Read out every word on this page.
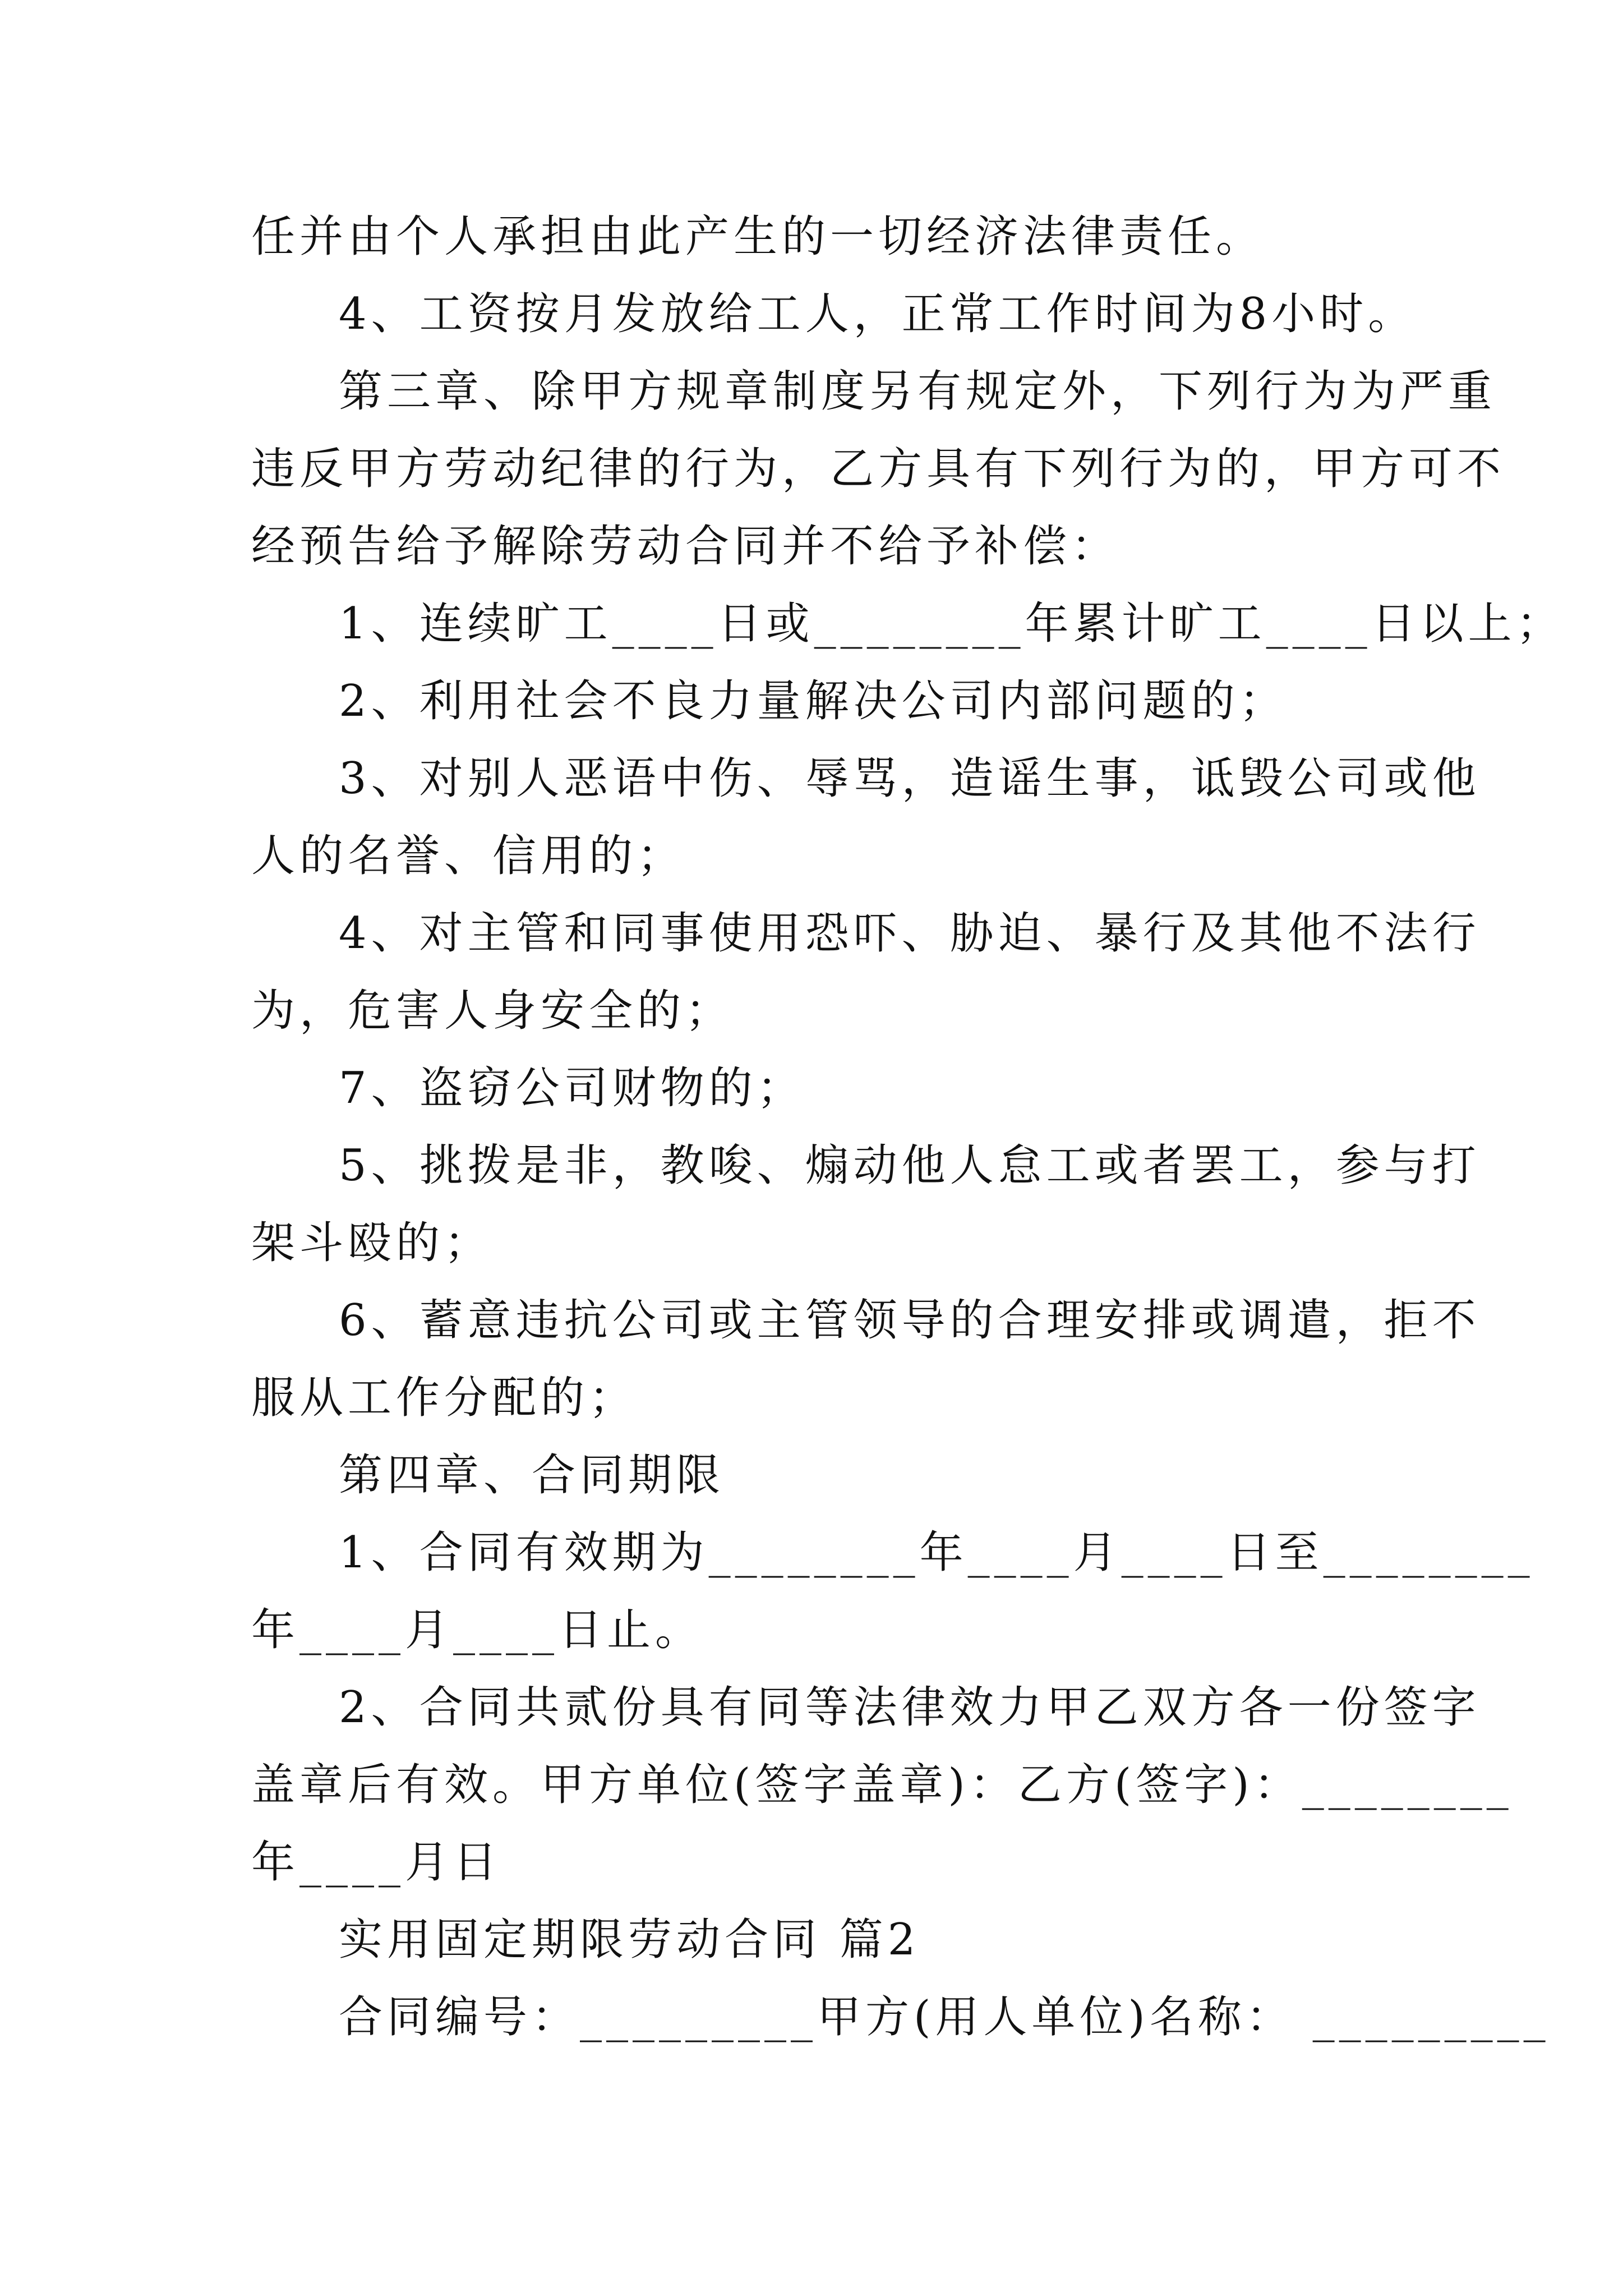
任并由个人承担由此产生的一切经济法律责任。
4、工资按月发放给工人，正常工作时间为8小时。
第三章、除甲方规章制度另有规定外，下列行为为严重
违反甲方劳动纪律的行为，乙方具有下列行为的，甲方可不
经预告给予解除劳动合同并不给予补偿：
1、连续旷工____日或________年累计旷工____日以上；
2、利用社会不良力量解决公司内部问题的；
3、对别人恶语中伤、辱骂，造谣生事，诋毁公司或他
人的名誉、信用的；
4、对主管和同事使用恐吓、胁迫、暴行及其他不法行
为，危害人身安全的；
7、盗窃公司财物的；
5、挑拨是非，教唆、煽动他人怠工或者罢工，参与打
架斗殴的；
6、蓄意违抗公司或主管领导的合理安排或调遣，拒不
服从工作分配的；
第四章、合同期限
1、合同有效期为________年____月____日至________
年____月____日止。
2、合同共贰份具有同等法律效力甲乙双方各一份签字
盖章后有效。甲方单位(签字盖章)：乙方(签字)：________
年____月日
实用固定期限劳动合同 篇2
合同编号：_________甲方(用人单位)名称： _________
